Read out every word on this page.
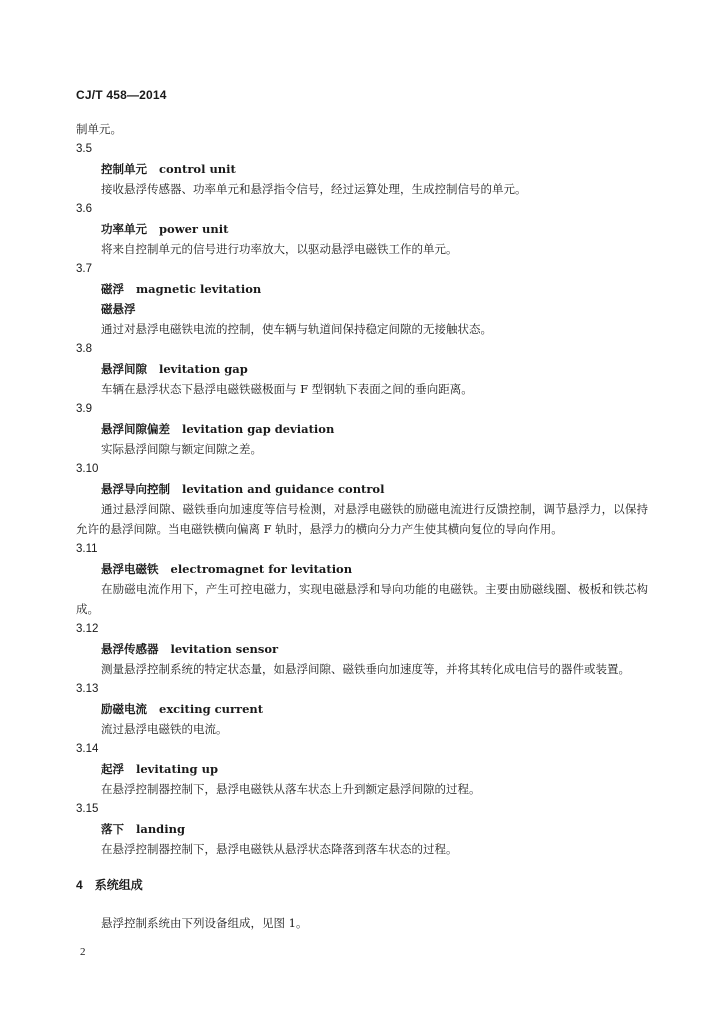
CJ/T 458—2014

制单元。

3.5

控制单元 control unit

接收悬浮传感器、功率单元和悬浮指令信号，经过运算处理，生成控制信号的单元。

3.6

功率单元 power unit

将来自控制单元的信号进行功率放大，以驱动悬浮电磁铁工作的单元。

3.7

磁浮 magnetic levitation

磁悬浮

通过对悬浮电磁铁电流的控制，使车辆与轨道间保持稳定间隙的无接触状态。

3.8

悬浮间隙 levitation gap

车辆在悬浮状态下悬浮电磁铁磁极面与 F 型钢轨下表面之间的垂向距离。

3.9

悬浮间隙偏差 levitation gap deviation

实际悬浮间隙与额定间隙之差。

3.10

悬浮导向控制 levitation and guidance control

通过悬浮间隙、磁铁垂向加速度等信号检测，对悬浮电磁铁的励磁电流进行反馈控制，调节悬浮力，以保持允许的悬浮间隙。当电磁铁横向偏离 F 轨时，悬浮力的横向分力产生使其横向复位的导向作用。

3.11

悬浮电磁铁 electromagnet for levitation

在励磁电流作用下，产生可控电磁力，实现电磁悬浮和导向功能的电磁铁。主要由励磁线圈、极板和铁芯构成。

3.12

悬浮传感器 levitation sensor

测量悬浮控制系统的特定状态量，如悬浮间隙、磁铁垂向加速度等，并将其转化成电信号的器件或装置。

3.13

励磁电流 exciting current

流过悬浮电磁铁的电流。

3.14

起浮 levitating up

在悬浮控制器控制下，悬浮电磁铁从落车状态上升到额定悬浮间隙的过程。

3.15

落下 landing

在悬浮控制器控制下，悬浮电磁铁从悬浮状态降落到落车状态的过程。

4 系统组成

悬浮控制系统由下列设备组成，见图 1。

2
